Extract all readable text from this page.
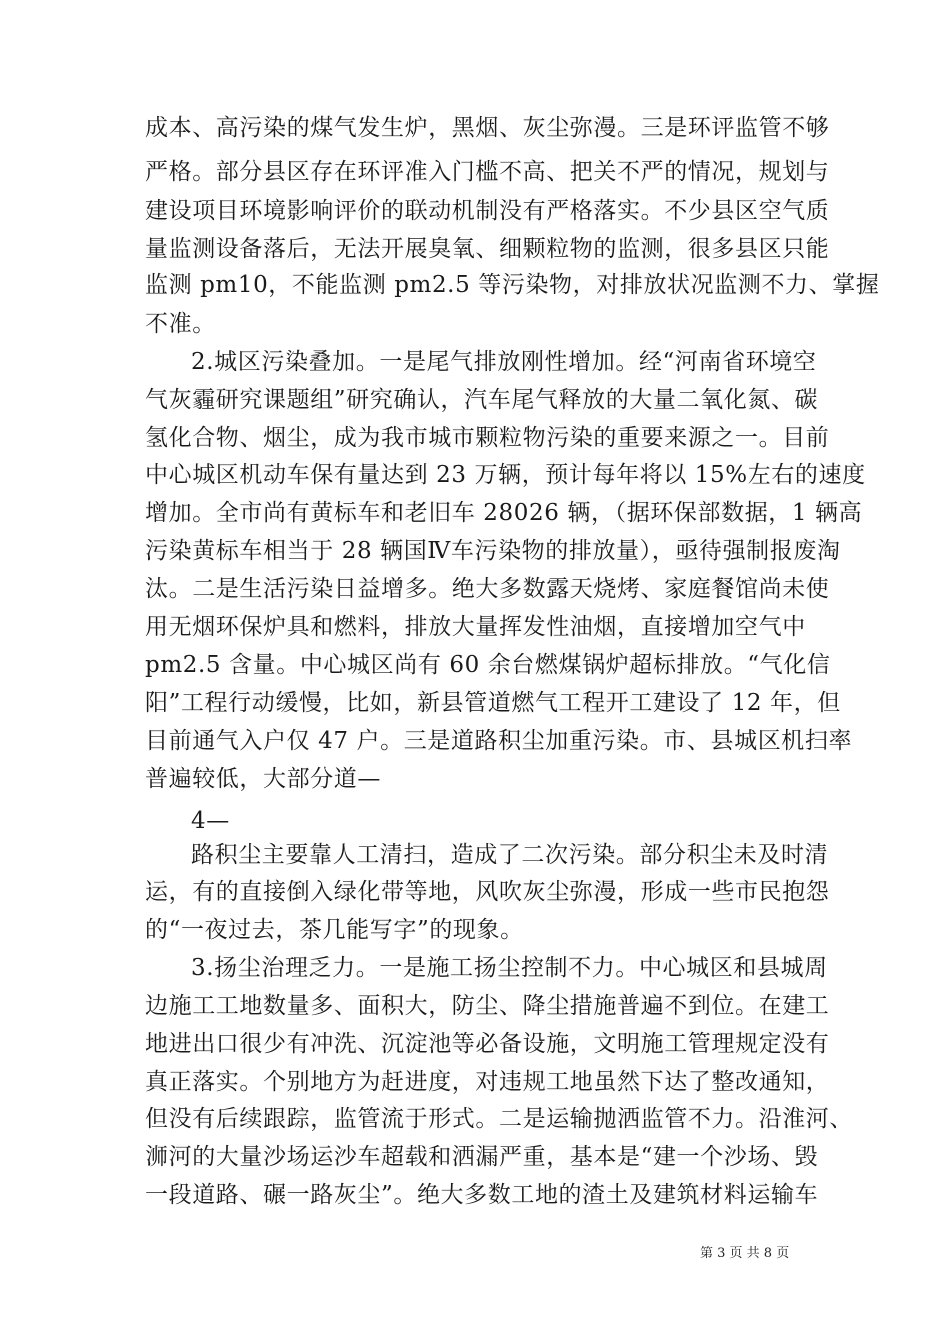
成本、高污染的煤气发生炉，黑烟、灰尘弥漫。三是环评监管不够
严格。部分县区存在环评准入门槛不高、把关不严的情况，规划与
建设项目环境影响评价的联动机制没有严格落实。不少县区空气质
量监测设备落后，无法开展臭氧、细颗粒物的监测，很多县区只能
监测 pm10，不能监测 pm2.5 等污染物，对排放状况监测不力、掌握
不准。
2.城区污染叠加。一是尾气排放刚性增加。经“河南省环境空
气灰霾研究课题组”研究确认，汽车尾气释放的大量二氧化氮、碳
氢化合物、烟尘，成为我市城市颗粒物污染的重要来源之一。目前
中心城区机动车保有量达到 23 万辆，预计每年将以 15%左右的速度
增加。全市尚有黄标车和老旧车 28026 辆，（据环保部数据，1 辆高
污染黄标车相当于 28 辆国Ⅳ车污染物的排放量），亟待强制报废淘
汰。二是生活污染日益增多。绝大多数露天烧烤、家庭餐馆尚未使
用无烟环保炉具和燃料，排放大量挥发性油烟，直接增加空气中
pm2.5 含量。中心城区尚有 60 余台燃煤锅炉超标排放。“气化信
阳”工程行动缓慢，比如，新县管道燃气工程开工建设了 12 年，但
目前通气入户仅 47 户。三是道路积尘加重污染。市、县城区机扫率
普遍较低，大部分道—
4—
路积尘主要靠人工清扫，造成了二次污染。部分积尘未及时清
运，有的直接倒入绿化带等地，风吹灰尘弥漫，形成一些市民抱怨
的“一夜过去，茶几能写字”的现象。
3.扬尘治理乏力。一是施工扬尘控制不力。中心城区和县城周
边施工工地数量多、面积大，防尘、降尘措施普遍不到位。在建工
地进出口很少有冲洗、沉淀池等必备设施，文明施工管理规定没有
真正落实。个别地方为赶进度，对违规工地虽然下达了整改通知，
但没有后续跟踪，监管流于形式。二是运输抛洒监管不力。沿淮河、
浉河的大量沙场运沙车超载和洒漏严重，基本是“建一个沙场、毁
一段道路、碾一路灰尘”。绝大多数工地的渣土及建筑材料运输车
第 3 页 共 8 页
